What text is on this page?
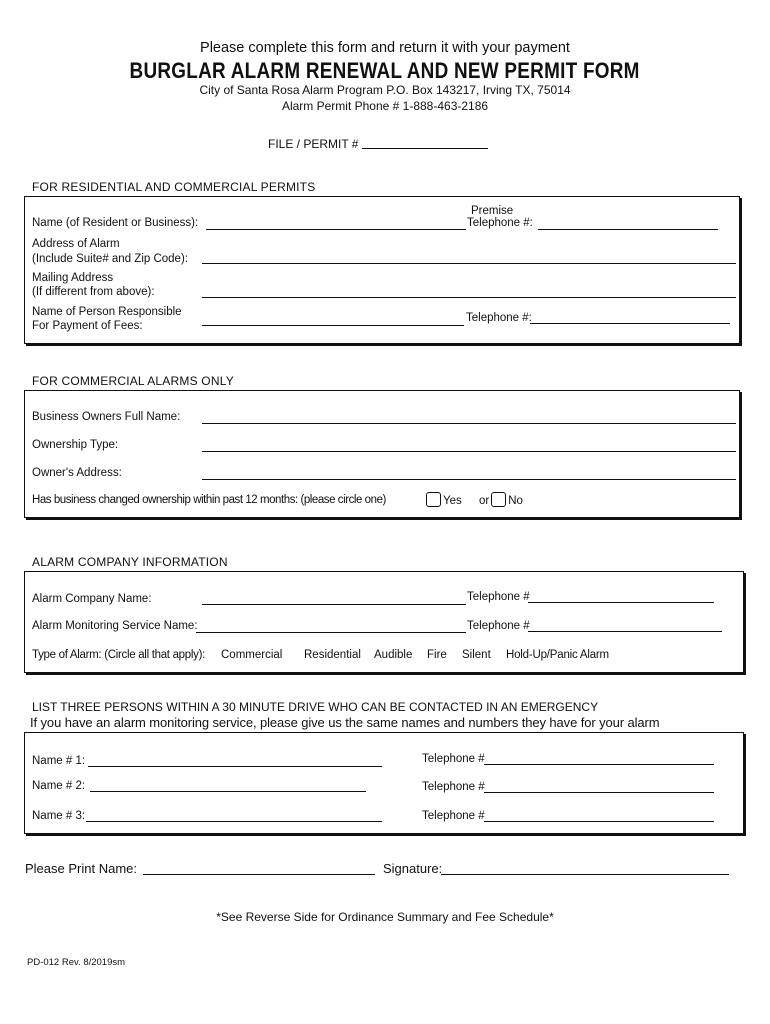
Please complete this form and return it with your payment
BURGLAR ALARM RENEWAL AND NEW PERMIT FORM
City of Santa Rosa Alarm Program P.O. Box 143217, Irving TX, 75014
Alarm Permit Phone # 1-888-463-2186
FILE / PERMIT #
FOR RESIDENTIAL AND COMMERCIAL PERMITS
Premise
Name (of Resident or Business):	Telephone #:
Address of Alarm
(Include Suite# and Zip Code):
Mailing Address
(If different from above):
Name of Person Responsible
For Payment of Fees:
Telephone #:
FOR COMMERCIAL ALARMS ONLY
Business Owners Full Name:
Ownership Type:
Owner's Address:
Has business changed ownership within past 12 months: (please circle one)	Yes or No
ALARM COMPANY INFORMATION
Alarm Company Name:	Telephone #
Alarm Monitoring Service Name:	Telephone #
Type of Alarm: (Circle all that apply): Commercial Residential Audible Fire Silent Hold-Up/Panic Alarm
LIST THREE PERSONS WITHIN A 30 MINUTE DRIVE WHO CAN BE CONTACTED IN AN EMERGENCY
If you have an alarm monitoring service, please give us the same names and numbers they have for your alarm
Name # 1:	Telephone #
Name # 2:	Telephone #
Name # 3:	Telephone #
Please Print Name:	Signature:
*See Reverse Side for Ordinance Summary and Fee Schedule*
PD-012 Rev. 8/2019sm
